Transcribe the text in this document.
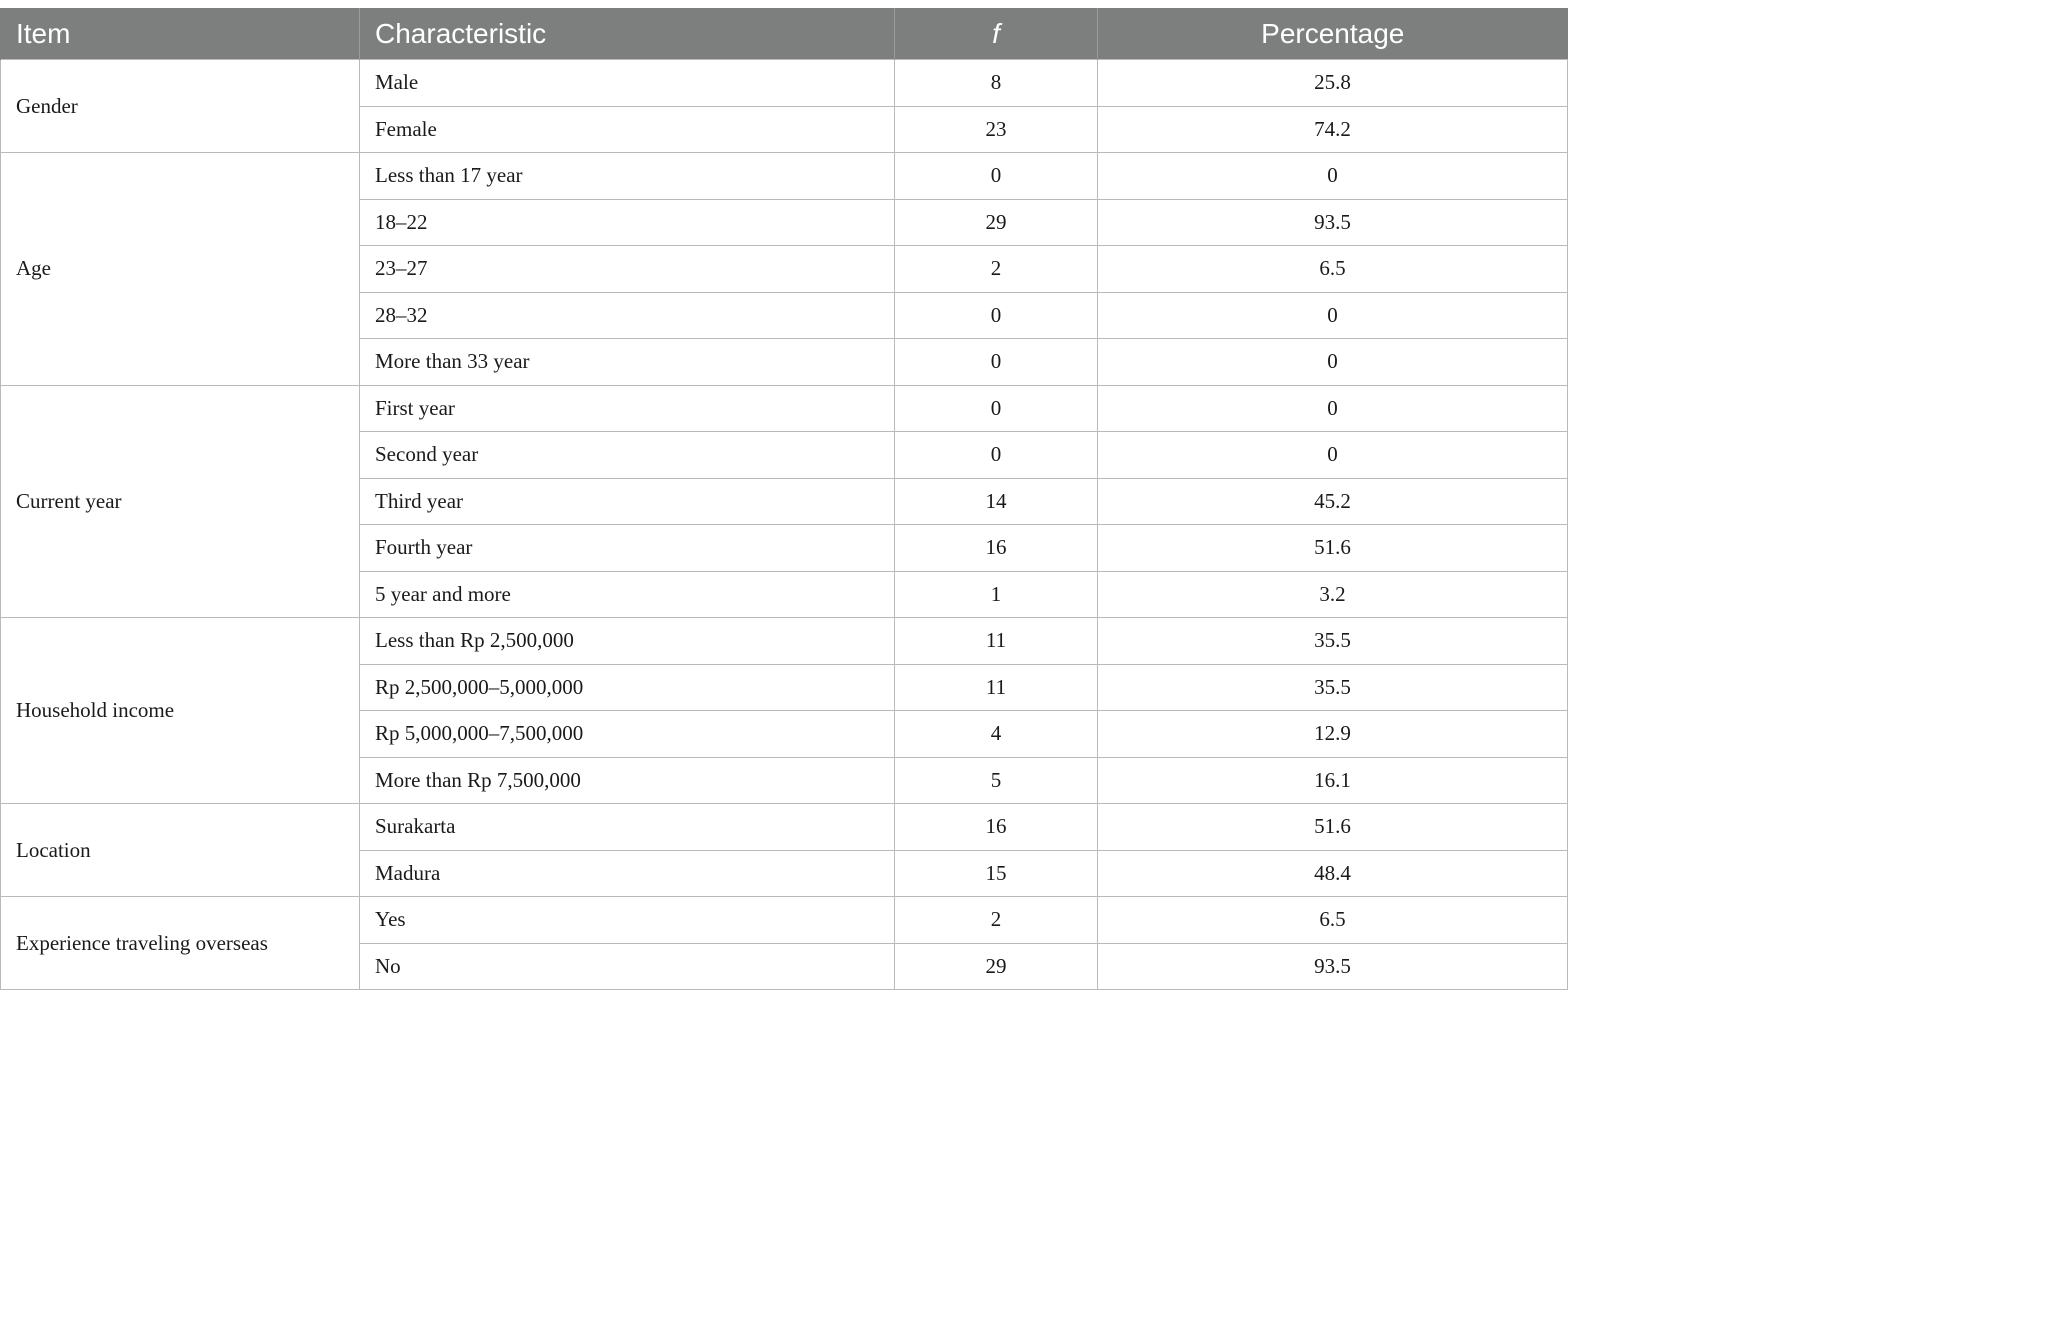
Item	Characteristic	f	Percentage
Gender	Male	8	25.8
	Female	23	74.2
Age	Less than 17 year	0	0
	18–22	29	93.5
	23–27	2	6.5
	28–32	0	0
	More than 33 year	0	0
Current year	First year	0	0
	Second year	0	0
	Third year	14	45.2
	Fourth year	16	51.6
	5 year and more	1	3.2
Household income	Less than Rp 2,500,000	11	35.5
	Rp 2,500,000–5,000,000	11	35.5
	Rp 5,000,000–7,500,000	4	12.9
	More than Rp 7,500,000	5	16.1
Location	Surakarta	16	51.6
	Madura	15	48.4
Experience traveling overseas	Yes	2	6.5
	No	29	93.5
